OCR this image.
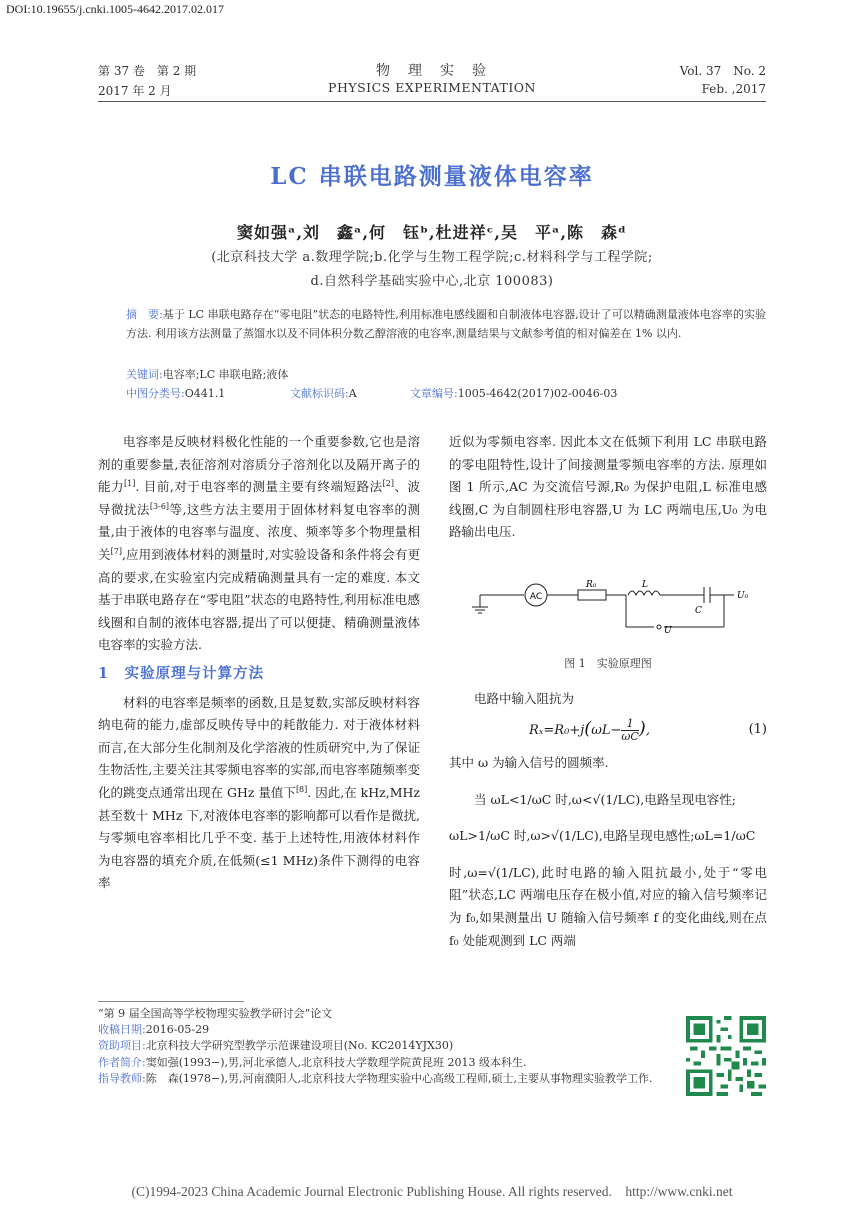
DOI:10.19655/j.cnki.1005-4642.2017.02.017
第 37 卷　第 2 期
2017 年 2 月
物　理　实　验
PHYSICS EXPERIMENTATION
Vol. 37　No. 2
Feb. ,2017
LC 串联电路测量液体电容率
窦如强ᵃ,刘　鑫ᵃ,何　钰ᵇ,杜进祥ᶜ,吴　平ᵃ,陈　森ᵈ
(北京科技大学 a.数理学院;b.化学与生物工程学院;c.材料科学与工程学院;
d.自然科学基础实验中心,北京 100083)
摘　要:基于 LC 串联电路存在“零电阻”状态的电路特性,利用标准电感线圈和自制液体电容器,设计了可以精确测量液体电容率的实验方法. 利用该方法测量了蒸馏水以及不同体积分数乙醇溶液的电容率,测量结果与文献参考值的相对偏差在 1% 以内.
关键词:电容率;LC 串联电路;液体
中图分类号:O441.1	文献标识码:A	文章编号:1005-4642(2017)02-0046-03

电容率是反映材料极化性能的一个重要参数,它也是溶剂的重要参量,表征溶剂对溶质分子溶剂化以及隔开离子的能力[1]. 目前,对于电容率的测量主要有终端短路法[2]、波导微扰法[3-6]等,这些方法主要用于固体材料复电容率的测量,由于液体的电容率与温度、浓度、频率等多个物理量相关[7],应用到液体材料的测量时,对实验设备和条件将会有更高的要求,在实验室内完成精确测量具有一定的难度. 本文基于串联电路存在“零电阻”状态的电路特性,利用标准电感线圈和自制的液体电容器,提出了可以便捷、精确测量液体电容率的实验方法.

1　实验原理与计算方法

材料的电容率是频率的函数,且是复数,实部反映材料容纳电荷的能力,虚部反映传导中的耗散能力. 对于液体材料而言,在大部分生化制剂及化学溶液的性质研究中,为了保证生物活性,主要关注其零频电容率的实部,而电容率随频率变化的跳变点通常出现在 GHz 量值下[8]. 因此,在 kHz,MHz 甚至数十 MHz 下,对液体电容率的影响都可以看作是微扰,与零频电容率相比几乎不变. 基于上述特性,用液体材料作为电容器的填充介质,在低频(≤1 MHz)条件下测得的电容率

近似为零频电容率. 因此本文在低频下利用 LC 串联电路的零电阻特性,设计了间接测量零频电容率的方法. 原理如图 1 所示,AC 为交流信号源,R₀ 为保护电阻,L 标准电感线圈,C 为自制圆柱形电容器,U 为 LC 两端电压,U₀ 为电路输出电压.

AC
R₀	L
C
U
U₀
图 1　实验原理图

电路中输入阻抗为

$R_x=R_0+j(\omega L- \frac{1}{\omega C}$ ),	(1)

其中 ω 为输入信号的圆频率.

当 ωL<1/ωC 时,ω<√(1/LC),电路呈现电容性;

ωL>1/ωC 时,ω>√(1/LC),电路呈现电感性;ωL=1/ωC

时,ω=√(1/LC),此时电路的输入阻抗最小,处于“零电阻”状态,LC 两端电压存在极小值,对应的输入信号频率记为 f₀,如果测量出 U 随输入信号频率 f 的变化曲线,则在点 f₀ 处能观测到 LC 两端

“第 9 届全国高等学校物理实验教学研讨会”论文
收稿日期:2016-05-29
资助项目:北京科技大学研究型教学示范课建设项目(No. KC2014YJX30)
作者简介:窦如强(1993−),男,河北承德人,北京科技大学数理学院黄昆班 2013 级本科生.
指导教师:陈　森(1978−),男,河南濮阳人,北京科技大学物理实验中心高级工程师,硕士,主要从事物理实验教学工作.
(C)1994-2023 China Academic Journal Electronic Publishing House. All rights reserved.　http://www.cnki.net
